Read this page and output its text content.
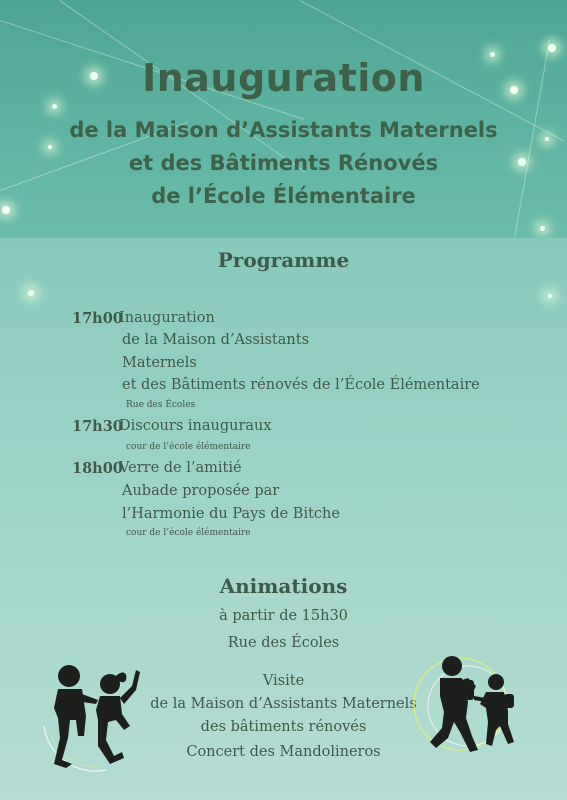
Inauguration
de la Maison d’Assistants Maternels
et des Bâtiments Rénovés
de l’École Élémentaire
Programme
17h00
Inauguration
de la Maison d’Assistants
Maternels
et des Bâtiments rénovés de l’École Élémentaire
Rue des Écoles
17h30
Discours inauguraux
cour de l’école élémentaire
18h00
Verre de l’amitié
Aubade proposée par
l’Harmonie du Pays de Bitche
cour de l’école élémentaire
Animations
à partir de 15h30
Rue des Écoles
Visite
de la Maison d’Assistants Maternels
des bâtiments rénovés
Concert des Mandolineros
